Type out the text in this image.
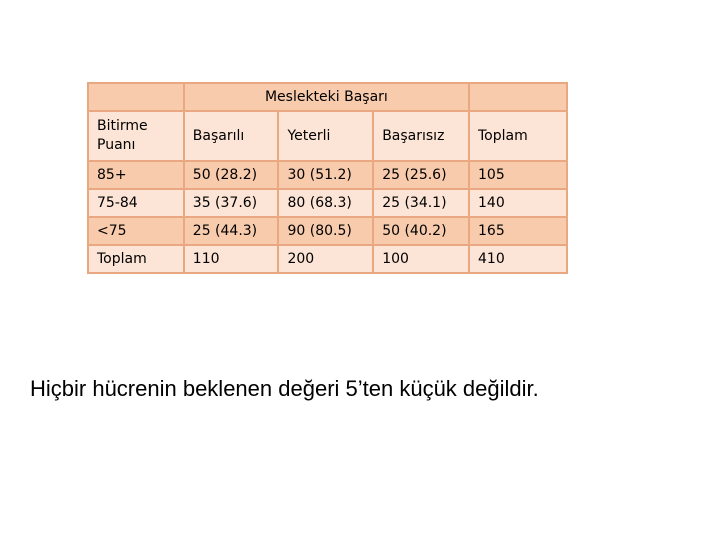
	Meslekteki Başarı			
Bitirme Puanı	Başarılı	Yeterli	Başarısız	Toplam
85+	50 (28.2)	30 (51.2)	25 (25.6)	105
75-84	35 (37.6)	80 (68.3)	25 (34.1)	140
<75	25 (44.3)	90 (80.5)	50 (40.2)	165
Toplam	110	200	100	410
Hiçbir hücrenin beklenen değeri 5’ten küçük değildir.
